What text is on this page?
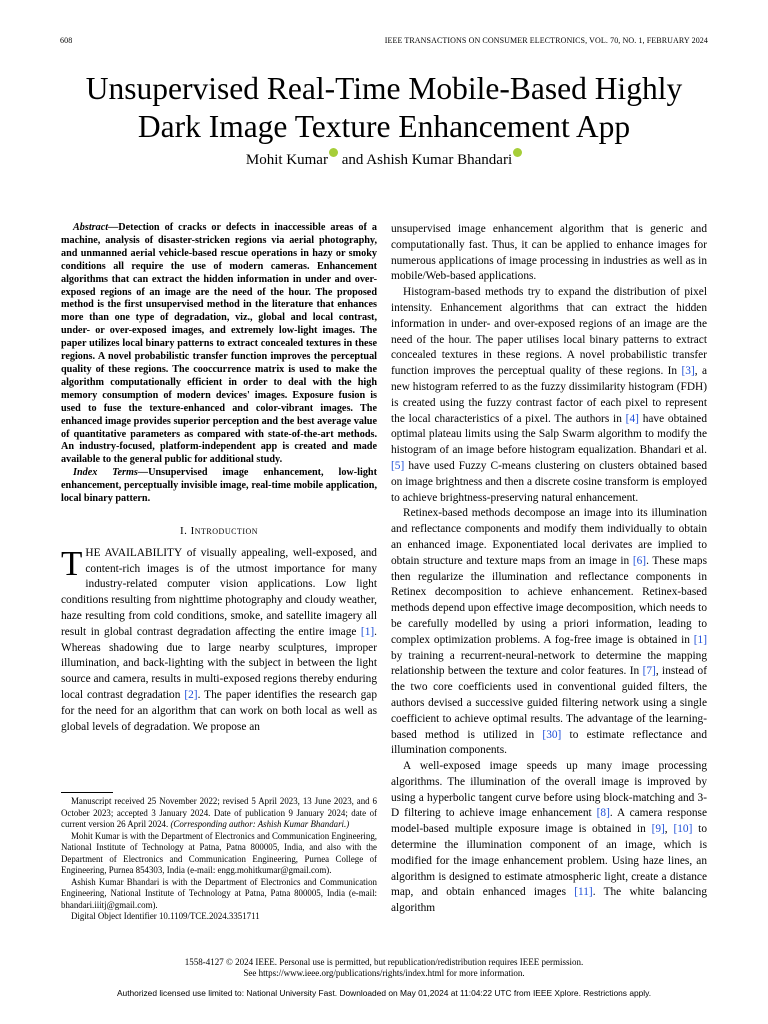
608	IEEE TRANSACTIONS ON CONSUMER ELECTRONICS, VOL. 70, NO. 1, FEBRUARY 2024
Unsupervised Real-Time Mobile-Based Highly
Dark Image Texture Enhancement App
Mohit Kumar and Ashish Kumar Bhandari

Abstract—Detection of cracks or defects in inaccessible areas of a machine, analysis of disaster-stricken regions via aerial photography, and unmanned aerial vehicle-based rescue operations in hazy or smoky conditions all require the use of modern cameras. Enhancement algorithms that can extract the hidden information in under and over-exposed regions of an image are the need of the hour. The proposed method is the first unsupervised method in the literature that enhances more than one type of degradation, viz., global and local contrast, under- or over-exposed images, and extremely low-light images. The paper utilizes local binary patterns to extract concealed textures in these regions. A novel probabilistic transfer function improves the perceptual quality of these regions. The cooccurrence matrix is used to make the algorithm computationally efficient in order to deal with the high memory consumption of modern devices' images. Exposure fusion is used to fuse the texture-enhanced and color-vibrant images. The enhanced image provides superior perception and the best average value of quantitative parameters as compared with state-of-the-art methods. An industry-focused, platform-independent app is created and made available to the general public for additional study.

Index Terms—Unsupervised image enhancement, low-light enhancement, perceptually invisible image, real-time mobile application, local binary pattern.

I. Introduction

THE AVAILABILITY of visually appealing, well-exposed, and content-rich images is of the utmost importance for many industry-related computer vision applications. Low light conditions resulting from nighttime photography and cloudy weather, haze resulting from cold conditions, smoke, and satellite imagery all result in global contrast degradation affecting the entire image [1]. Whereas shadowing due to large nearby sculptures, improper illumination, and back-lighting with the subject in between the light source and camera, results in multi-exposed regions thereby enduring local contrast degradation [2]. The paper identifies the research gap for the need for an algorithm that can work on both local as well as global levels of degradation. We propose an

Manuscript received 25 November 2022; revised 5 April 2023, 13 June 2023, and 6 October 2023; accepted 3 January 2024. Date of publication 9 January 2024; date of current version 26 April 2024. (Corresponding author: Ashish Kumar Bhandari.)

Mohit Kumar is with the Department of Electronics and Communication Engineering, National Institute of Technology at Patna, Patna 800005, India, and also with the Department of Electronics and Communication Engineering, Purnea College of Engineering, Purnea 854303, India (e-mail: engg.mohitkumar@gmail.com).

Ashish Kumar Bhandari is with the Department of Electronics and Communication Engineering, National Institute of Technology at Patna, Patna 800005, India (e-mail: bhandari.iiitj@gmail.com).

Digital Object Identifier 10.1109/TCE.2024.3351711

unsupervised image enhancement algorithm that is generic and computationally fast. Thus, it can be applied to enhance images for numerous applications of image processing in industries as well as in mobile/Web-based applications.

Histogram-based methods try to expand the distribution of pixel intensity. Enhancement algorithms that can extract the hidden information in under- and over-exposed regions of an image are the need of the hour. The paper utilises local binary patterns to extract concealed textures in these regions. A novel probabilistic transfer function improves the perceptual quality of these regions. In [3], a new histogram referred to as the fuzzy dissimilarity histogram (FDH) is created using the fuzzy contrast factor of each pixel to represent the local characteristics of a pixel. The authors in [4] have obtained optimal plateau limits using the Salp Swarm algorithm to modify the histogram of an image before histogram equalization. Bhandari et al. [5] have used Fuzzy C-means clustering on clusters obtained based on image brightness and then a discrete cosine transform is employed to achieve brightness-preserving natural enhancement.

Retinex-based methods decompose an image into its illumination and reflectance components and modify them individually to obtain an enhanced image. Exponentiated local derivates are implied to obtain structure and texture maps from an image in [6]. These maps then regularize the illumination and reflectance components in Retinex decomposition to achieve enhancement. Retinex-based methods depend upon effective image decomposition, which needs to be carefully modelled by using a priori information, leading to complex optimization problems. A fog-free image is obtained in [1] by training a recurrent-neural-network to determine the mapping relationship between the texture and color features. In [7], instead of the two core coefficients used in conventional guided filters, the authors devised a successive guided filtering network using a single coefficient to achieve optimal results. The advantage of the learning-based method is utilized in [30] to estimate reflectance and illumination components.

A well-exposed image speeds up many image processing algorithms. The illumination of the overall image is improved by using a hyperbolic tangent curve before using block-matching and 3-D filtering to achieve image enhancement [8]. A camera response model-based multiple exposure image is obtained in [9], [10] to determine the illumination component of an image, which is modified for the image enhancement problem. Using haze lines, an algorithm is designed to estimate atmospheric light, create a distance map, and obtain enhanced images [11]. The white balancing algorithm

1558-4127 © 2024 IEEE. Personal use is permitted, but republication/redistribution requires IEEE permission.
See https://www.ieee.org/publications/rights/index.html for more information.
Authorized licensed use limited to: National University Fast. Downloaded on May 01,2024 at 11:04:22 UTC from IEEE Xplore. Restrictions apply.
